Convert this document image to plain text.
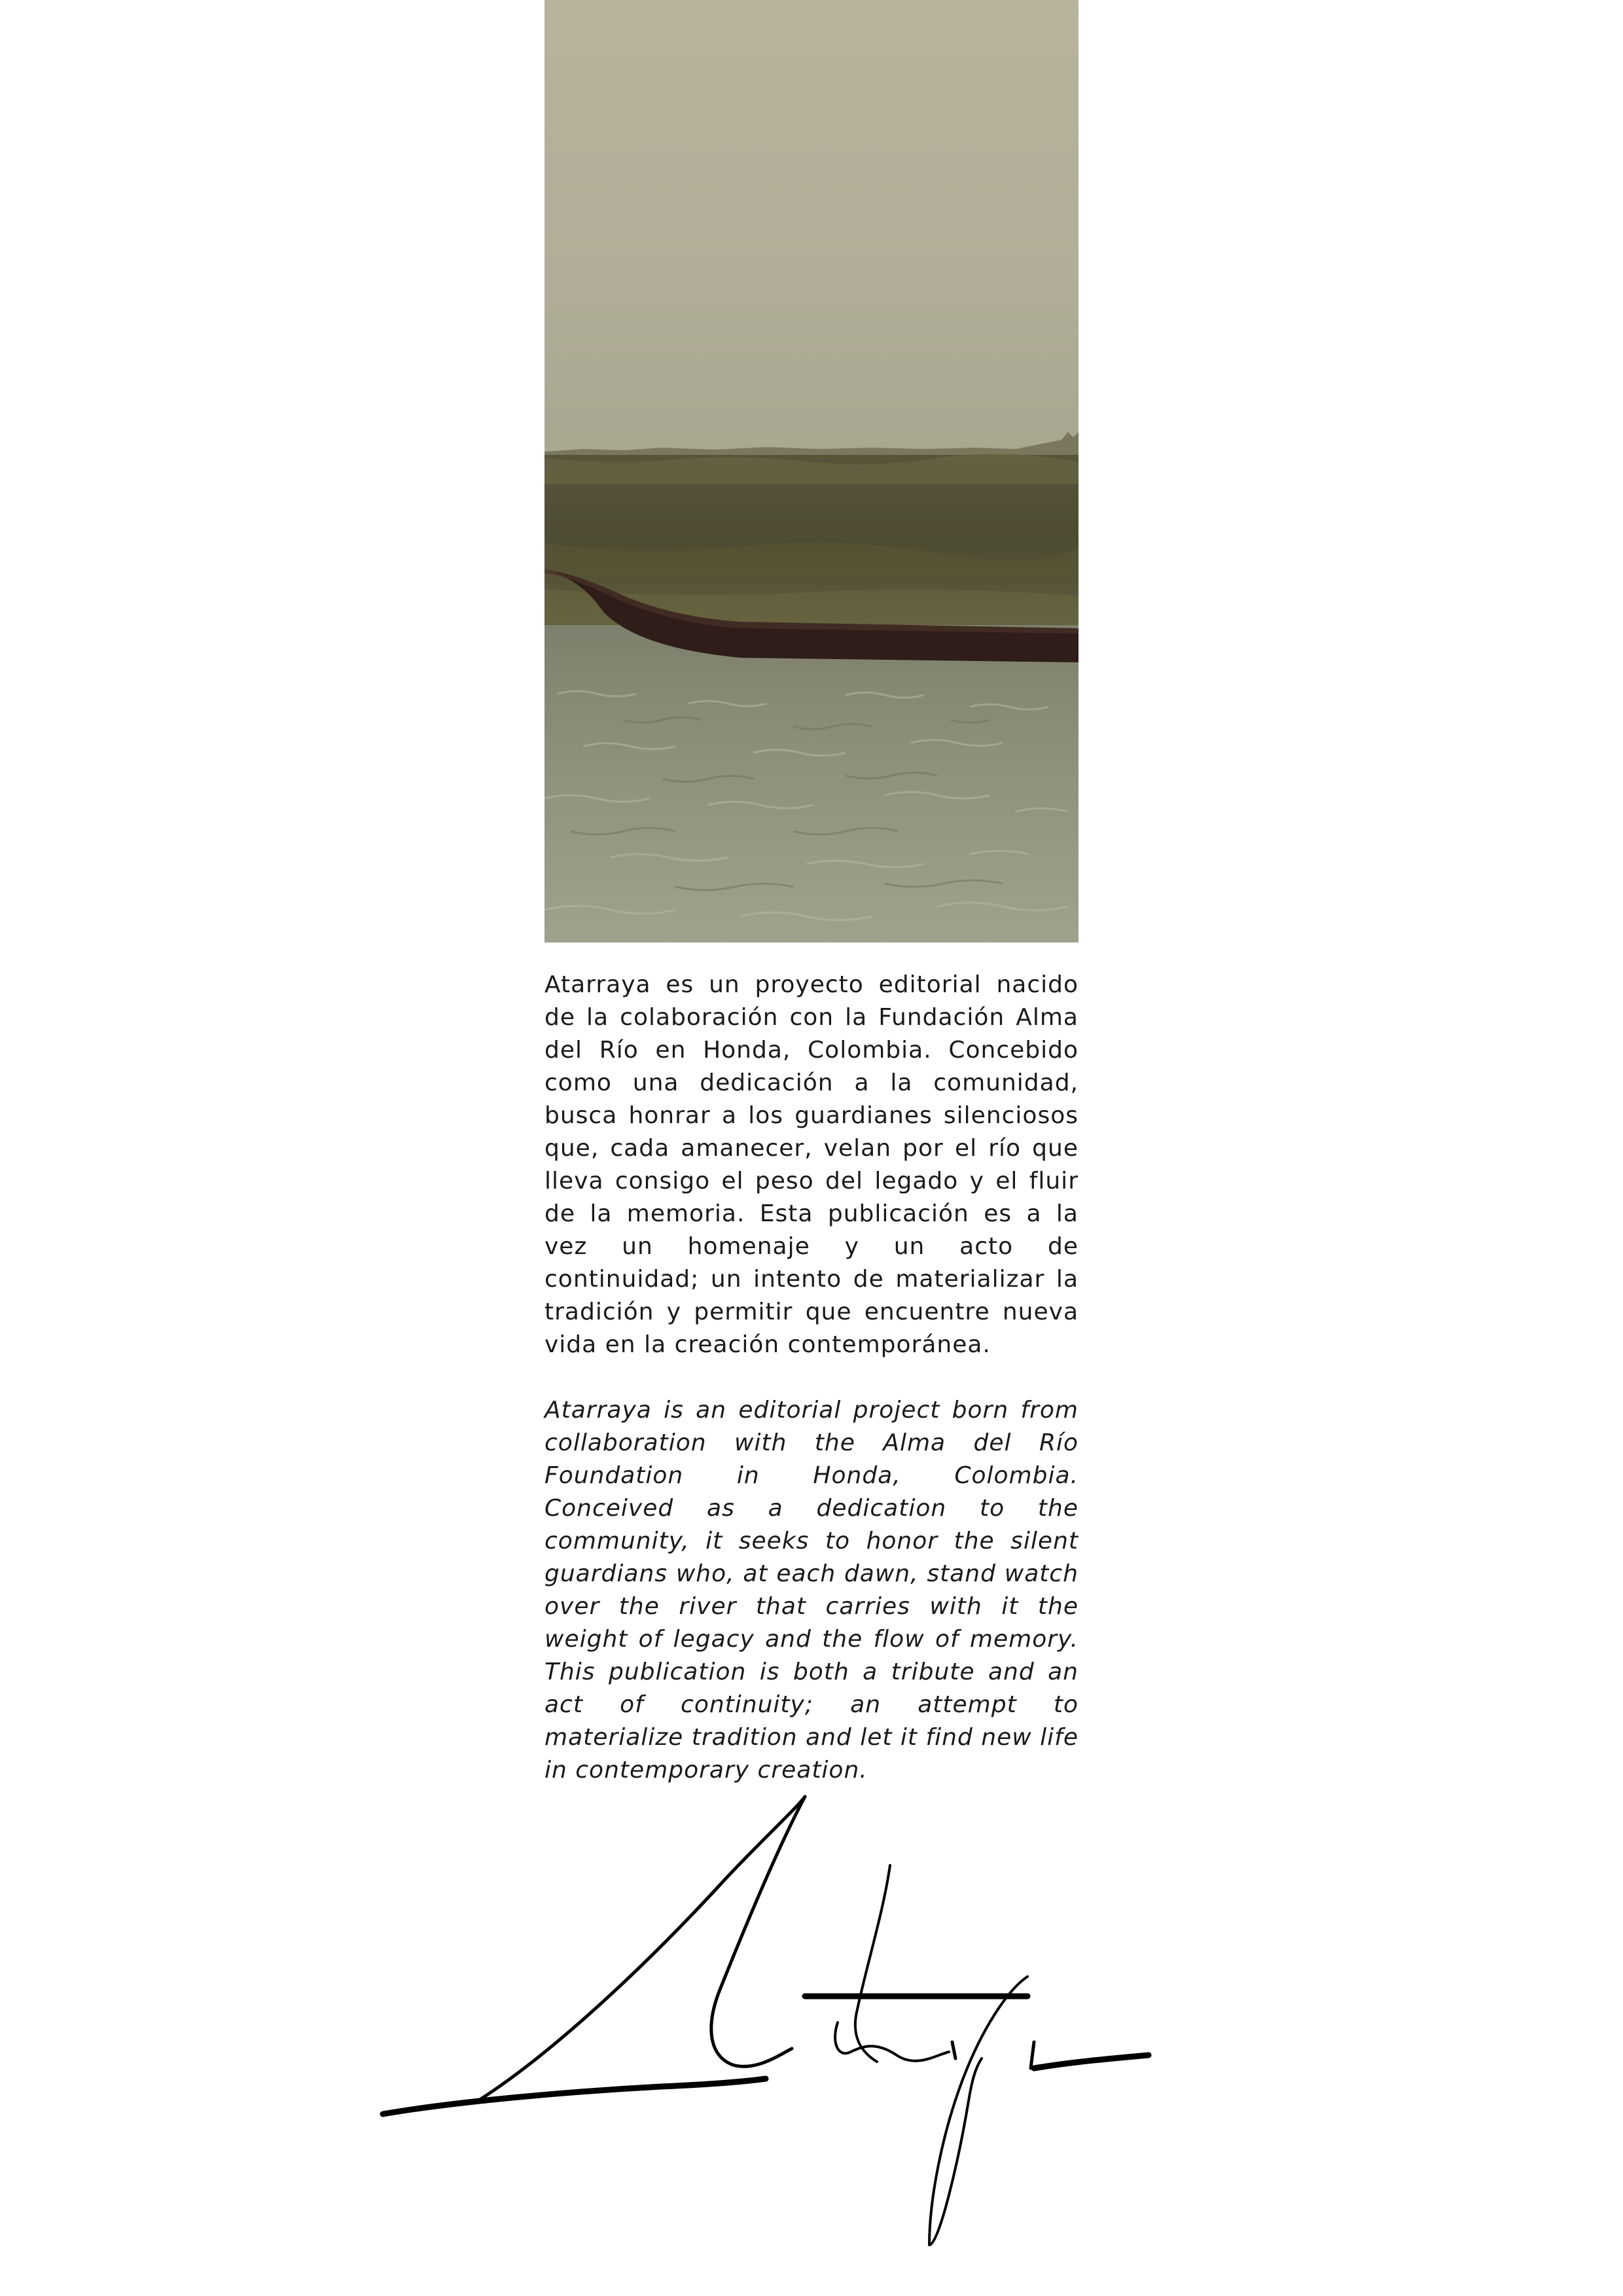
Atarraya es un proyecto editorial nacido de la colaboración con la Fundación Alma del Río en Honda, Colombia. Concebido como una dedicación a la comunidad, busca honrar a los guardianes silenciosos que, cada amanecer, velan por el río que lleva consigo el peso del legado y el fluir de la memoria. Esta publicación es a la vez un homenaje y un acto de continuidad; un intento de materializar la tradición y permitir que encuentre nueva vida en la creación contemporánea.

Atarraya is an editorial project born from collaboration with the Alma del Río Foundation in Honda, Colombia. Conceived as a dedication to the community, it seeks to honor the silent guardians who, at each dawn, stand watch over the river that carries with it the weight of legacy and the flow of memory. This publication is both a tribute and an act of continuity; an attempt to materialize tradition and let it find new life in contemporary creation.
